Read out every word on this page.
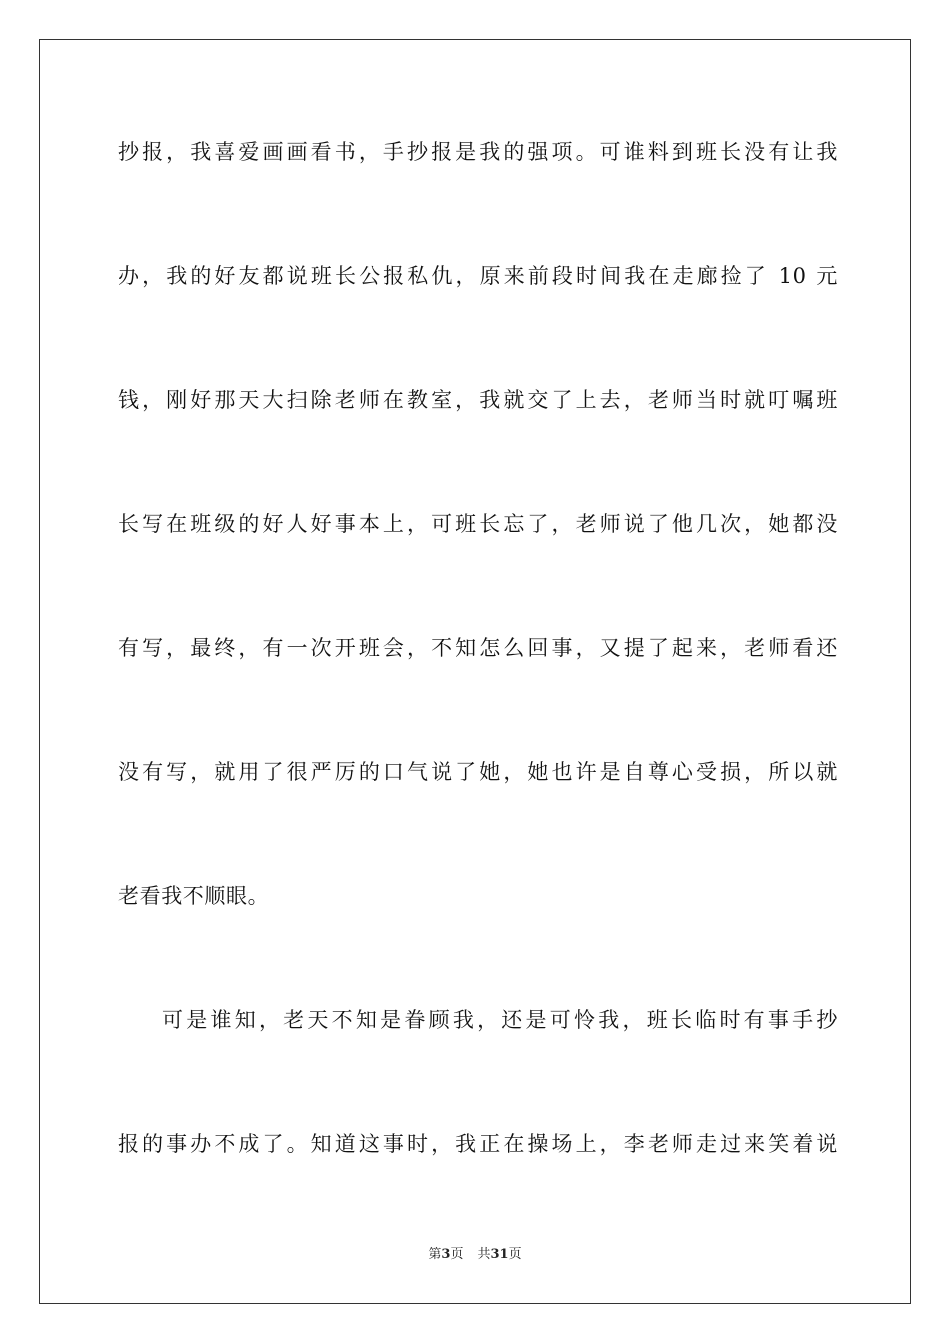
抄报，我喜爱画画看书，手抄报是我的强项。可谁料到班长没有让我
办，我的好友都说班长公报私仇，原来前段时间我在走廊捡了 10 元
钱，刚好那天大扫除老师在教室，我就交了上去，老师当时就叮嘱班
长写在班级的好人好事本上，可班长忘了，老师说了他几次，她都没
有写，最终，有一次开班会，不知怎么回事，又提了起来，老师看还
没有写，就用了很严厉的口气说了她，她也许是自尊心受损，所以就
老看我不顺眼。
可是谁知，老天不知是眷顾我，还是可怜我，班长临时有事手抄
报的事办不成了。知道这事时，我正在操场上，李老师走过来笑着说
第3页 共31页
